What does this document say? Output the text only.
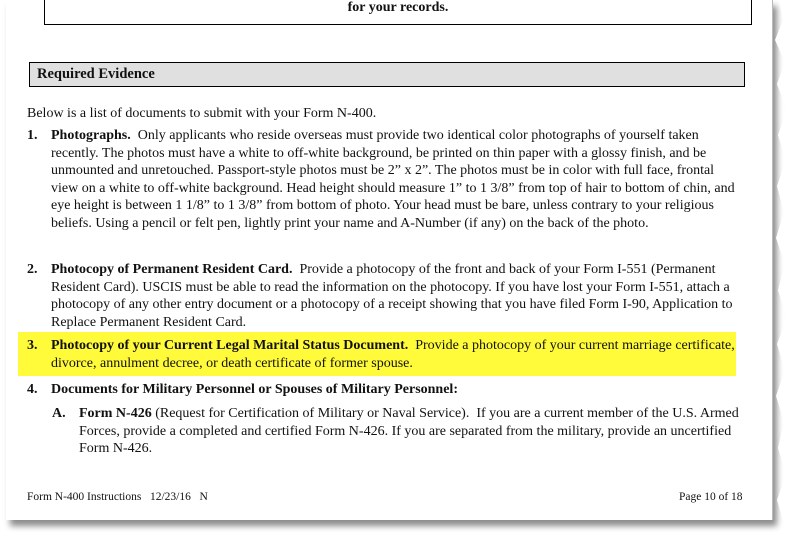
for your records.
Required Evidence
Below is a list of documents to submit with your Form N-400.
1. Photographs. Only applicants who reside overseas must provide two identical color photographs of yourself taken recently. The photos must have a white to off-white background, be printed on thin paper with a glossy finish, and be unmounted and unretouched. Passport-style photos must be 2” x 2”. The photos must be in color with full face, frontal view on a white to off-white background. Head height should measure 1” to 1 3/8” from top of hair to bottom of chin, and eye height is between 1 1/8” to 1 3/8” from bottom of photo. Your head must be bare, unless contrary to your religious beliefs. Using a pencil or felt pen, lightly print your name and A-Number (if any) on the back of the photo.
2. Photocopy of Permanent Resident Card. Provide a photocopy of the front and back of your Form I-551 (Permanent Resident Card). USCIS must be able to read the information on the photocopy. If you have lost your Form I-551, attach a photocopy of any other entry document or a photocopy of a receipt showing that you have filed Form I-90, Application to Replace Permanent Resident Card.
3. Photocopy of your Current Legal Marital Status Document. Provide a photocopy of your current marriage certificate, divorce, annulment decree, or death certificate of former spouse.
4. Documents for Military Personnel or Spouses of Military Personnel:
A. Form N-426 (Request for Certification of Military or Naval Service). If you are a current member of the U.S. Armed Forces, provide a completed and certified Form N-426. If you are separated from the military, provide an uncertified Form N-426.
Form N-400 Instructions   12/23/16   N	Page 10 of 18
